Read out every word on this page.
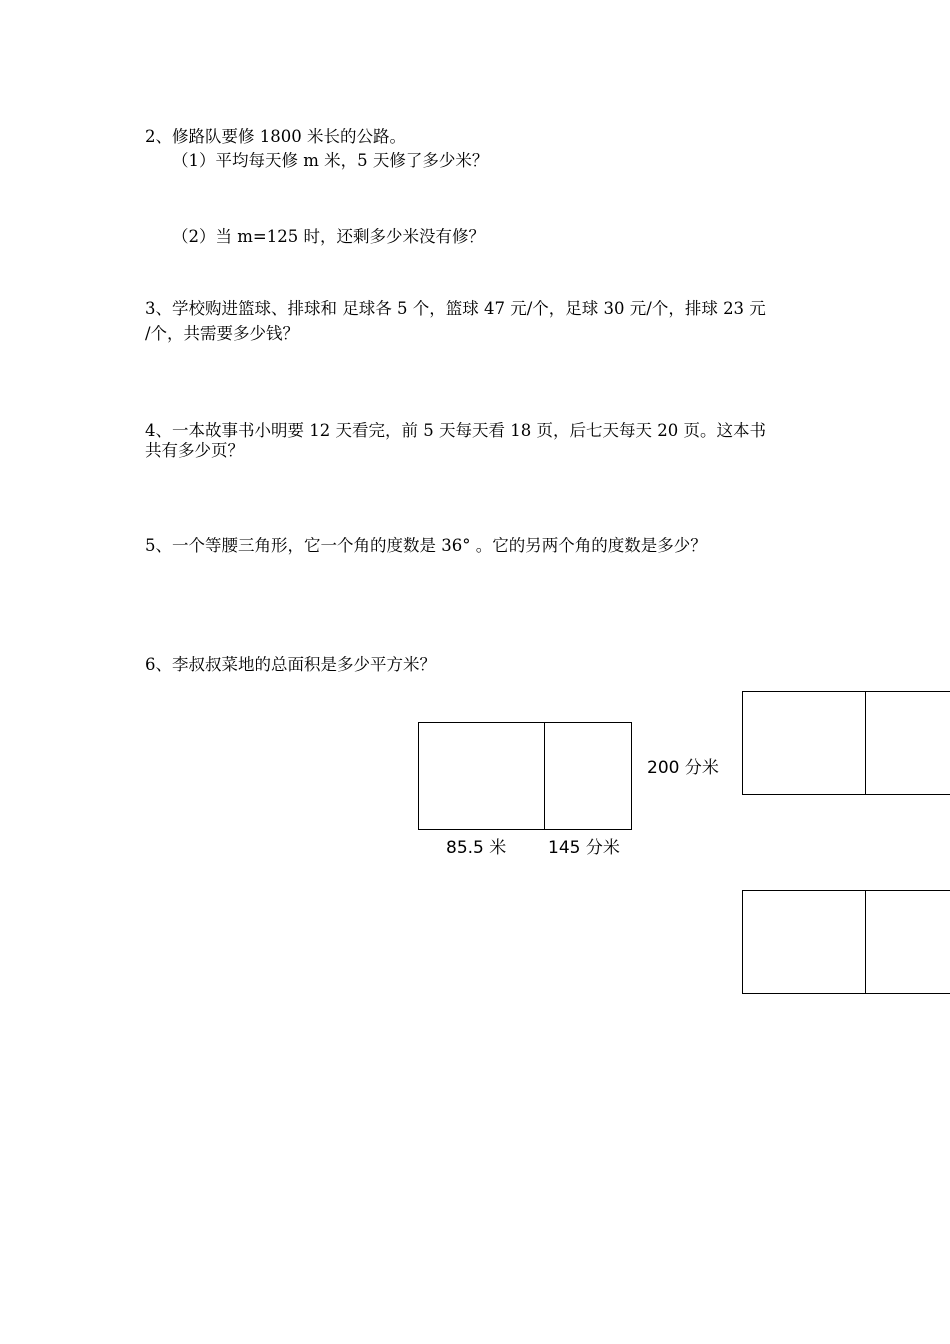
2、修路队要修 1800 米长的公路。
（1）平均每天修 m 米，5 天修了多少米？
（2）当 m=125 时，还剩多少米没有修？
3、学校购进篮球、排球和 足球各 5 个，篮球 47 元/个，足球 30 元/个，排球 23 元
/个，共需要多少钱？
4、一本故事书小明要 12 天看完，前 5 天每天看 18 页，后七天每天 20 页。这本书
共有多少页？
5、一个等腰三角形，它一个角的度数是 36° 。它的另两个角的度数是多少？
6、李叔叔菜地的总面积是多少平方米？
200 分米
85.5 米 145 分米
